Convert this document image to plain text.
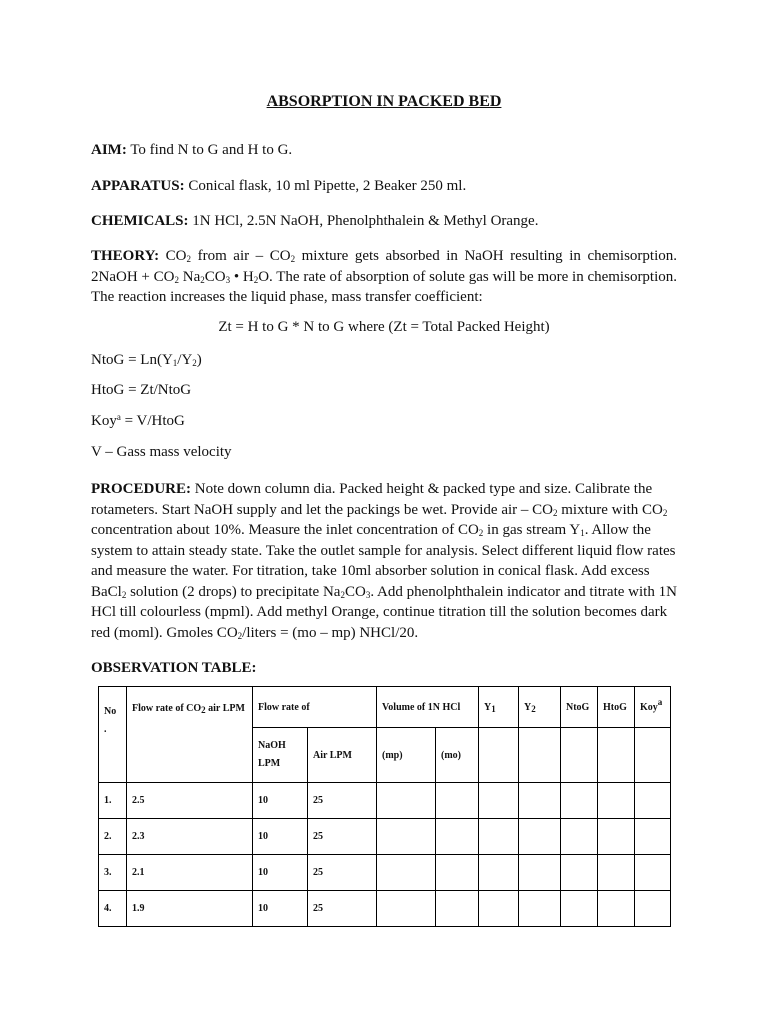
ABSORPTION IN PACKED BED
AIM: To find N to G and H to G.
APPARATUS: Conical flask, 10 ml Pipette, 2 Beaker 250 ml.
CHEMICALS: 1N HCl, 2.5N NaOH, Phenolphthalein & Methyl Orange.
THEORY: $CO_2$ from air – $CO_2$ mixture gets absorbed in NaOH resulting in chemisorption. 2NaOH + $CO_2$ $Na_2CO_3$ • $H_2O$. The rate of absorption of solute gas will be more in chemisorption. The reaction increases the liquid phase, mass transfer coefficient:
Zt = H to G * N to G where (Zt = Total Packed Height)
NtoG = $Ln(Y_1/Y_2)$
HtoG = Zt/NtoG
Koy$^a$ = V/HtoG
V – Gass mass velocity
PROCEDURE: Note down column dia. Packed height & packed type and size. Calibrate the rotameters. Start NaOH supply and let the packings be wet. Provide air – $CO_2$ mixture with $CO_2$ concentration about 10%. Measure the inlet concentration of $CO_2$ in gas stream $Y_1$. Allow the system to attain steady state. Take the outlet sample for analysis. Select different liquid flow rates and measure the water. For titration, take 10ml absorber solution in conical flask. Add excess BaCl$_2$ solution (2 drops) to precipitate $Na_2CO_3$. Add phenolphthalein indicator and titrate with 1N HCl till colourless (mpml). Add methyl Orange, continue titration till the solution becomes dark red (moml). Gmoles $CO_2$/liters = (mo – mp) NHCl/20.
OBSERVATION TABLE:
No .	Flow rate of $CO_2$ air LPM	Flow rate of		Volume of 1N HCl		$Y_1$	$Y_2$	NtoG	HtoG	Koy$^a$
		NaOH LPM	Air LPM	(mp)	(mo)					
1.	2.5	10	25							
2.	2.3	10	25							
3.	2.1	10	25							
4.	1.9	10	25							
